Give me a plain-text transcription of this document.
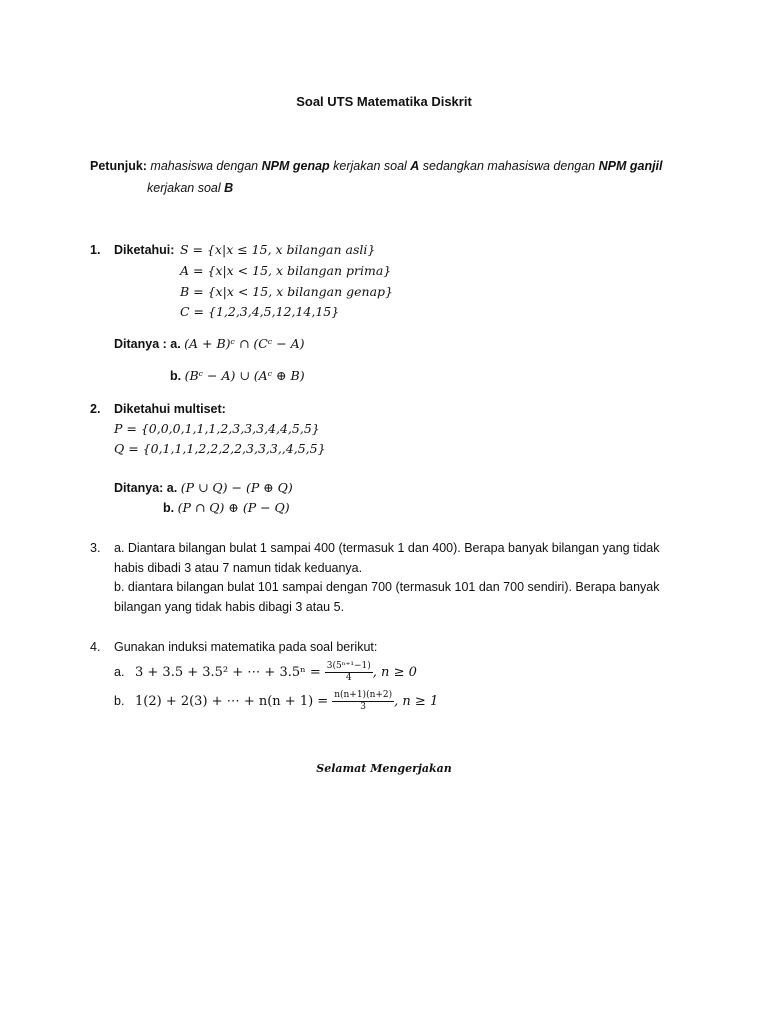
Soal UTS Matematika Diskrit
Petunjuk: mahasiswa dengan NPM genap kerjakan soal A sedangkan mahasiswa dengan NPM ganjil
kerjakan soal B
1. Diketahui: S = {x|x ≤ 15, x bilangan asli}
A = {x|x < 15, x bilangan prima}
B = {x|x < 15, x bilangan genap}
C = {1,2,3,4,5,12,14,15}
Ditanya : a. (A + B)ᶜ ∩ (Cᶜ − A)
b. (Bᶜ − A) ∪ (Aᶜ ⊕ B)
2. Diketahui multiset:
P = {0,0,0,1,1,1,2,3,3,3,4,4,5,5}
Q = {0,1,1,1,2,2,2,2,3,3,3,,4,5,5}
Ditanya: a. (P ∪ Q) − (P ⊕ Q)
b. (P ∩ Q) ⊕ (P − Q)
3. a. Diantara bilangan bulat 1 sampai 400 (termasuk 1 dan 400). Berapa banyak bilangan yang tidak
habis dibadi 3 atau 7 namun tidak keduanya.
b. diantara bilangan bulat 101 sampai dengan 700 (termasuk 101 dan 700 sendiri). Berapa banyak
bilangan yang tidak habis dibagi 3 atau 5.
4. Gunakan induksi matematika pada soal berikut:
a. 3 + 3.5 + 3.5² + ⋯ + $3.5^n = \frac{\text{3(5ⁿ⁺¹−1)}}{4}$ , n ≥ 0
b. 1(2) + 2(3) + ⋯ + $n(n + 1) = \frac{n(n+1)(n+2)}{3}$ , n ≥ 1
Selamat Mengerjakan
